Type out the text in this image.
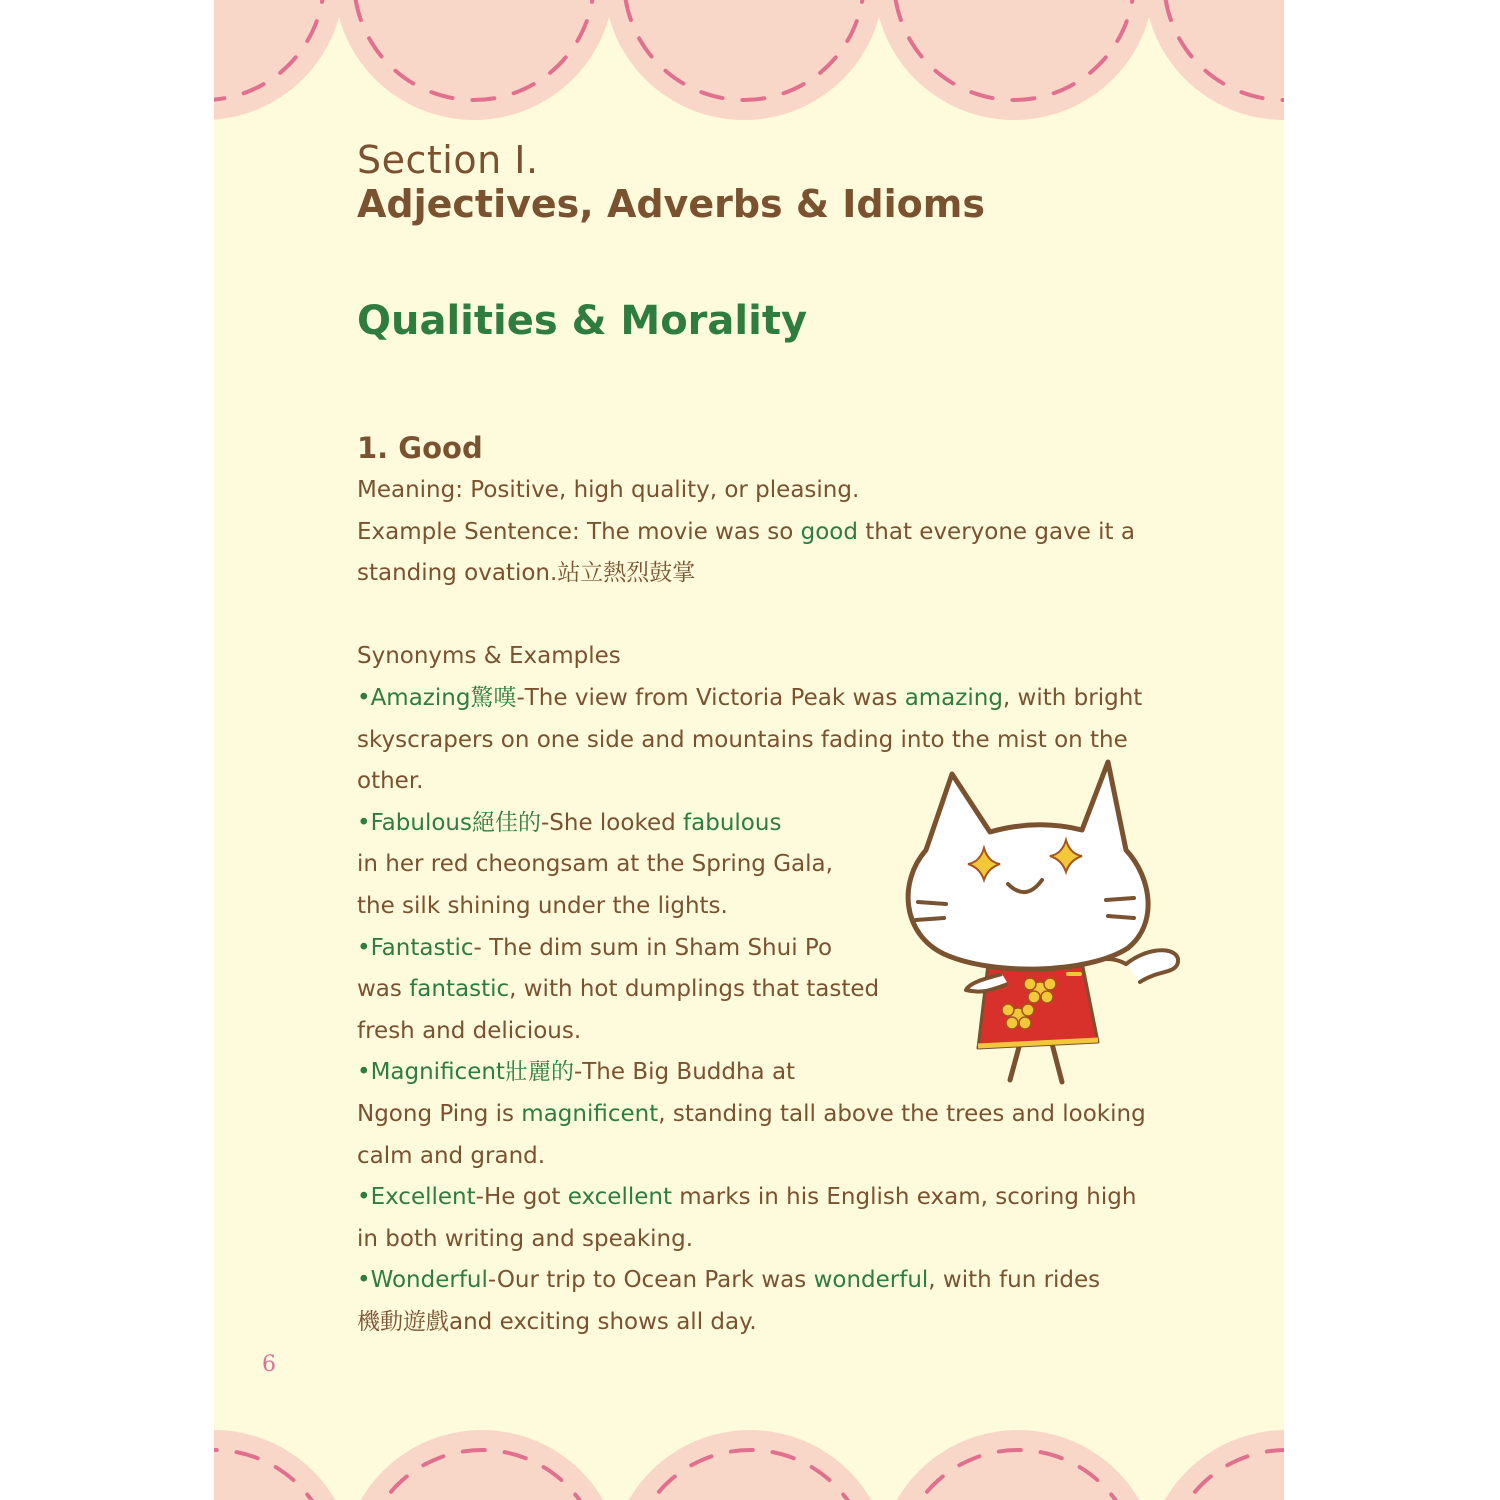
Section I.
Adjectives, Adverbs & Idioms
Qualities & Morality
1. Good
Meaning: Positive, high quality, or pleasing.
Example Sentence: The movie was so good that everyone gave it a
standing ovation.站立熱烈鼓掌
Synonyms & Examples
•Amazing驚嘆-The view from Victoria Peak was amazing, with bright
skyscrapers on one side and mountains fading into the mist on the
other.
•Fabulous絕佳的-She looked fabulous
in her red cheongsam at the Spring Gala,
the silk shining under the lights.
•Fantastic- The dim sum in Sham Shui Po
was fantastic, with hot dumplings that tasted
fresh and delicious.
•Magnificent壯麗的-The Big Buddha at
Ngong Ping is magnificent, standing tall above the trees and looking
calm and grand.
•Excellent-He got excellent marks in his English exam, scoring high
in both writing and speaking.
•Wonderful-Our trip to Ocean Park was wonderful, with fun rides
機動遊戲and exciting shows all day.
6
